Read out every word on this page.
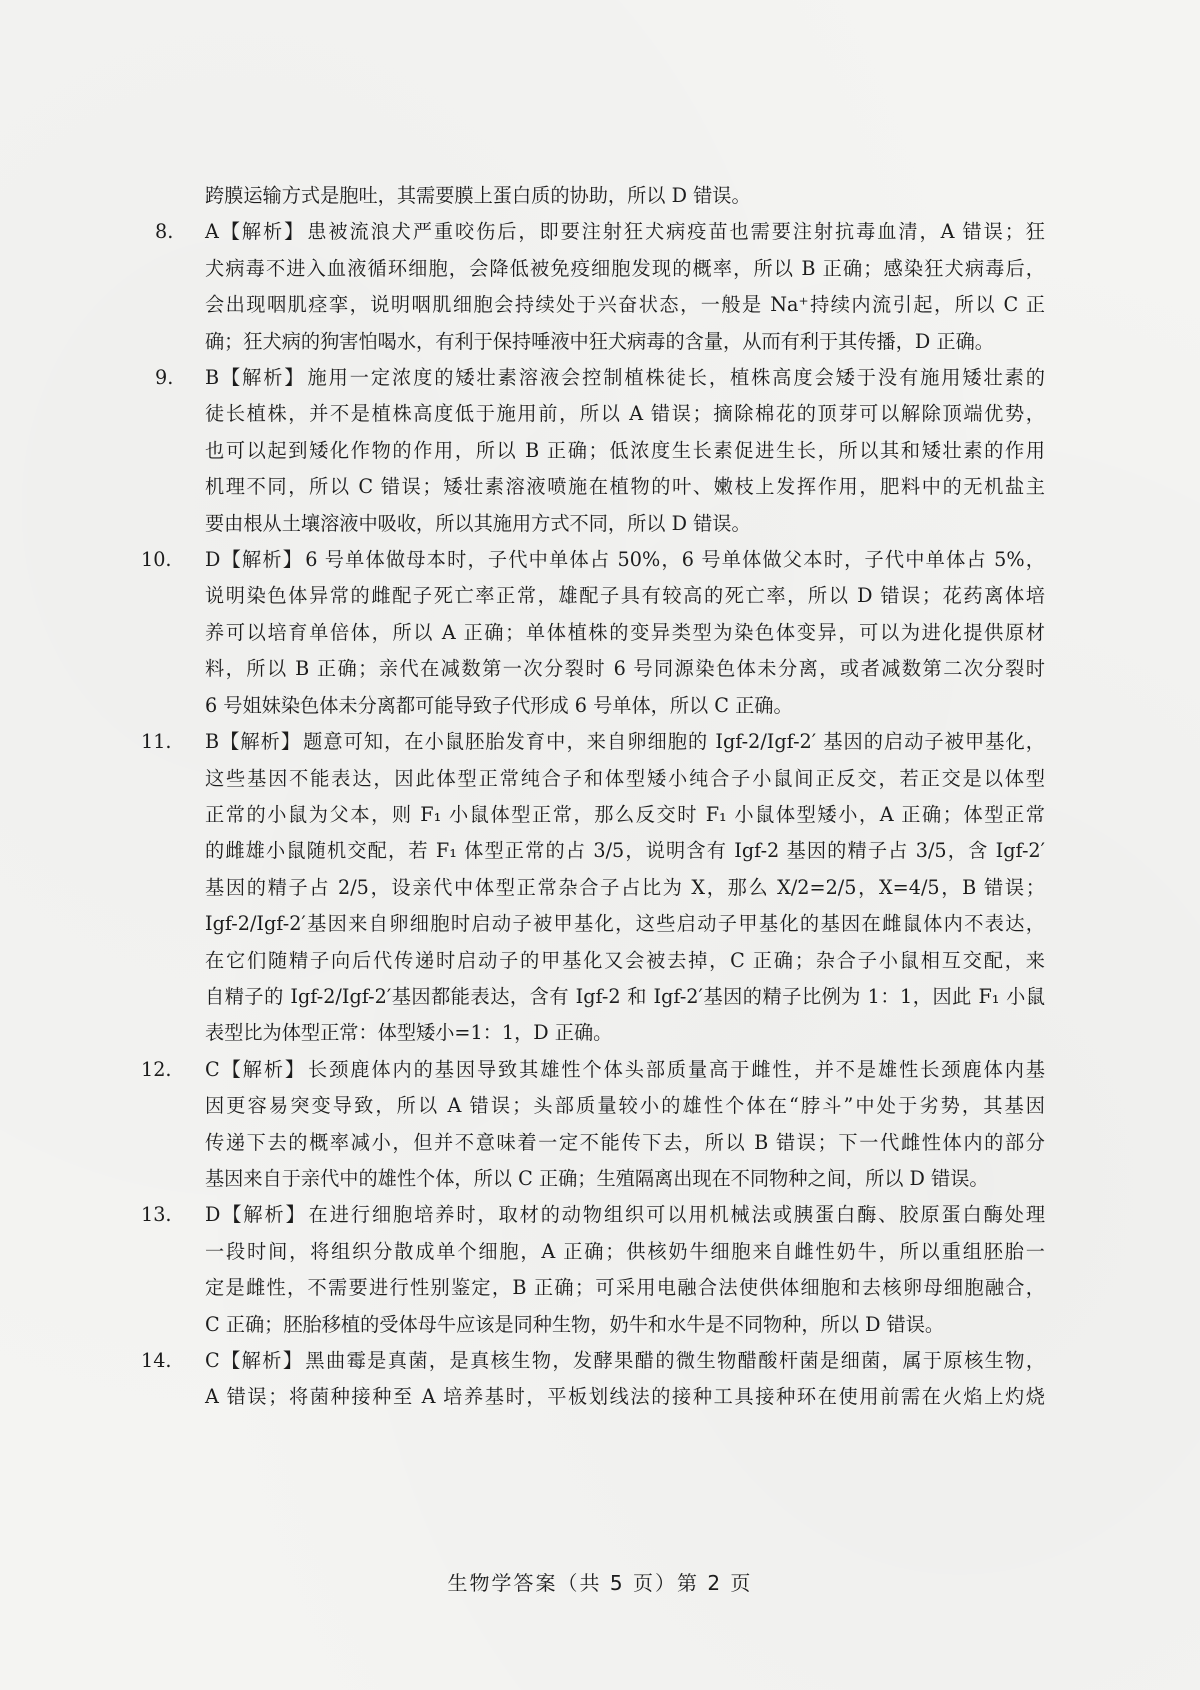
跨膜运输方式是胞吐，其需要膜上蛋白质的协助，所以 D 错误。
8. A【解析】 患被流浪犬严重咬伤后，即要注射狂犬病疫苗也需要注射抗毒血清，A 错误；狂
犬病毒不进入血液循环细胞，会降低被免疫细胞发现的概率，所以 B 正确；感染狂犬病毒后，
会出现咽肌痉挛，说明咽肌细胞会持续处于兴奋状态，一般是 Na⁺持续内流引起，所以 C 正
确；狂犬病的狗害怕喝水，有利于保持唾液中狂犬病毒的含量，从而有利于其传播，D 正确。
9. B【解析】 施用一定浓度的矮壮素溶液会控制植株徒长，植株高度会矮于没有施用矮壮素的
徒长植株，并不是植株高度低于施用前，所以 A 错误；摘除棉花的顶芽可以解除顶端优势，
也可以起到矮化作物的作用，所以 B 正确；低浓度生长素促进生长，所以其和矮壮素的作用
机理不同，所以 C 错误；矮壮素溶液喷施在植物的叶、嫩枝上发挥作用，肥料中的无机盐主
要由根从土壤溶液中吸收，所以其施用方式不同，所以 D 错误。
10. D【解析】 6 号单体做母本时，子代中单体占 50%，6 号单体做父本时，子代中单体占 5%，
说明染色体异常的雌配子死亡率正常，雄配子具有较高的死亡率，所以 D 错误；花药离体培
养可以培育单倍体，所以 A 正确；单体植株的变异类型为染色体变异，可以为进化提供原材
料，所以 B 正确；亲代在减数第一次分裂时 6 号同源染色体未分离，或者减数第二次分裂时
6 号姐妹染色体未分离都可能导致子代形成 6 号单体，所以 C 正确。
11. B【解析】 题意可知，在小鼠胚胎发育中，来自卵细胞的 Igf-2/Igf-2′ 基因的启动子被甲基化，
这些基因不能表达，因此体型正常纯合子和体型矮小纯合子小鼠间正反交，若正交是以体型
正常的小鼠为父本，则 F₁ 小鼠体型正常，那么反交时 F₁ 小鼠体型矮小，A 正确；体型正常
的雌雄小鼠随机交配，若 F₁ 体型正常的占 3/5，说明含有 Igf-2 基因的精子占 3/5，含 Igf-2′
基因的精子占 2/5，设亲代中体型正常杂合子占比为 X，那么 X/2=2/5，X=4/5，B 错误；
Igf-2/Igf-2′基因来自卵细胞时启动子被甲基化，这些启动子甲基化的基因在雌鼠体内不表达，
在它们随精子向后代传递时启动子的甲基化又会被去掉，C 正确；杂合子小鼠相互交配，来
自精子的 Igf-2/Igf-2′基因都能表达，含有 Igf-2 和 Igf-2′基因的精子比例为 1：1，因此 F₁ 小鼠
表型比为体型正常：体型矮小=1：1，D 正确。
12. C【解析】 长颈鹿体内的基因导致其雄性个体头部质量高于雌性，并不是雄性长颈鹿体内基
因更容易突变导致，所以 A 错误；头部质量较小的雄性个体在“脖斗”中处于劣势，其基因
传递下去的概率减小，但并不意味着一定不能传下去，所以 B 错误；下一代雌性体内的部分
基因来自于亲代中的雄性个体，所以 C 正确；生殖隔离出现在不同物种之间，所以 D 错误。
13. D【解析】 在进行细胞培养时，取材的动物组织可以用机械法或胰蛋白酶、胶原蛋白酶处理
一段时间，将组织分散成单个细胞，A 正确；供核奶牛细胞来自雌性奶牛，所以重组胚胎一
定是雌性，不需要进行性别鉴定，B 正确；可采用电融合法使供体细胞和去核卵母细胞融合，
C 正确；胚胎移植的受体母牛应该是同种生物，奶牛和水牛是不同物种，所以 D 错误。
14. C【解析】 黑曲霉是真菌，是真核生物，发酵果醋的微生物醋酸杆菌是细菌，属于原核生物，
A 错误；将菌种接种至 A 培养基时，平板划线法的接种工具接种环在使用前需在火焰上灼烧
生物学答案（共 5 页）第 2 页
